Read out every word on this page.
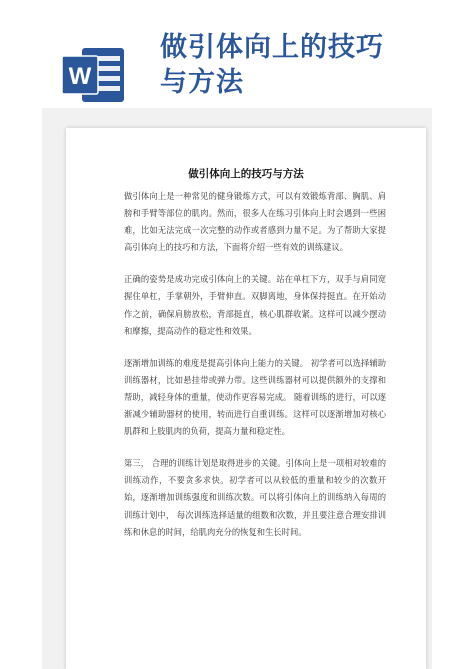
W
做引体向上的技巧
与方法
做引体向上的技巧与方法

做引体向上是一种常见的健身锻炼方式，可以有效锻炼背部、胸肌、肩膀和手臂等部位的肌肉。然而，很多人在练习引体向上时会遇到一些困难，比如无法完成一次完整的动作或者感到力量不足。为了帮助大家提高引体向上的技巧和方法，下面将介绍一些有效的训练建议。

正确的姿势是成功完成引体向上的关键。站在单杠下方，双手与肩同宽握住单杠，手掌朝外，手臂伸直。双脚离地，身体保持挺直。在开始动作之前，确保肩膀放松，背部挺直，核心肌群收紧。这样可以减少摆动和摩擦，提高动作的稳定性和效果。

逐渐增加训练的难度是提高引体向上能力的关键。 初学者可以选择辅助训练器材，比如悬挂带或弹力带。这些训练器材可以提供额外的支撑和帮助，减轻身体的重量，使动作更容易完成。 随着训练的进行，可以逐渐减少辅助器材的使用，转而进行自重训练。这样可以逐渐增加对核心肌群和上肢肌肉的负荷，提高力量和稳定性。

第三， 合理的训练计划是取得进步的关键。引体向上是一项相对较难的训练动作，不要贪多求快。初学者可以从较低的重量和较少的次数开始，逐渐增加训练强度和训练次数。可以将引体向上的训练纳入每周的训练计划中， 每次训练选择适量的组数和次数，并且要注意合理安排训练和休息的时间，给肌肉充分的恢复和生长时间。
